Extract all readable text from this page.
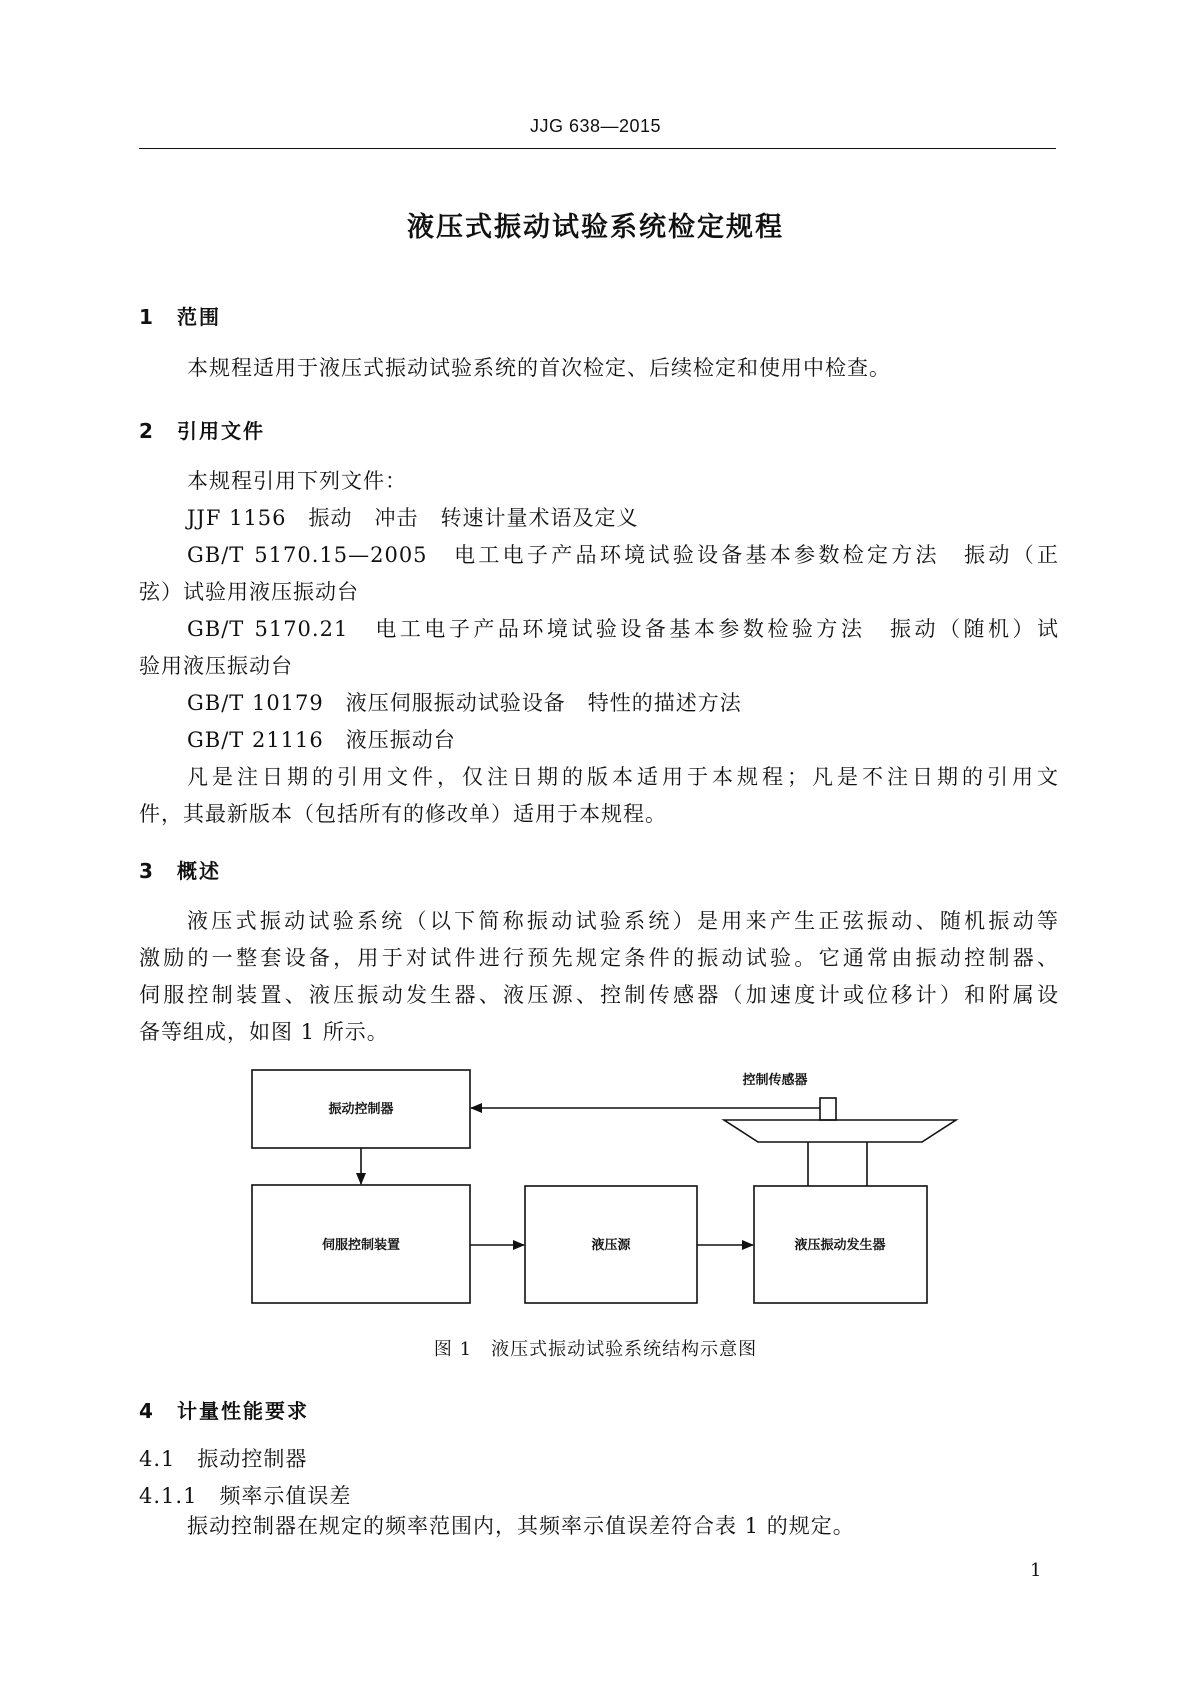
JJG 638—2015
液压式振动试验系统检定规程
1 范围

本规程适用于液压式振动试验系统的首次检定、后续检定和使用中检查。

2 引用文件

本规程引用下列文件：

JJF 1156　振动　冲击　转速计量术语及定义

GB/T 5170.15—2005　电工电子产品环境试验设备基本参数检定方法　振动（正

弦）试验用液压振动台

GB/T 5170.21　电工电子产品环境试验设备基本参数检验方法　振动（随机）试

验用液压振动台

GB/T 10179　液压伺服振动试验设备　特性的描述方法

GB/T 21116　液压振动台

凡是注日期的引用文件，仅注日期的版本适用于本规程；凡是不注日期的引用文

件，其最新版本（包括所有的修改单）适用于本规程。

3 概述

液压式振动试验系统（以下简称振动试验系统）是用来产生正弦振动、随机振动等

激励的一整套设备，用于对试件进行预先规定条件的振动试验。它通常由振动控制器、

伺服控制装置、液压振动发生器、液压源、控制传感器（加速度计或位移计）和附属设

备等组成，如图 1 所示。

振动控制器
伺服控制装置	液压源	液压振动发生器
控制传感器
图 1　液压式振动试验系统结构示意图
4 计量性能要求
4.1 振动控制器
4.1.1 频率示值误差

振动控制器在规定的频率范围内，其频率示值误差符合表 1 的规定。

1
